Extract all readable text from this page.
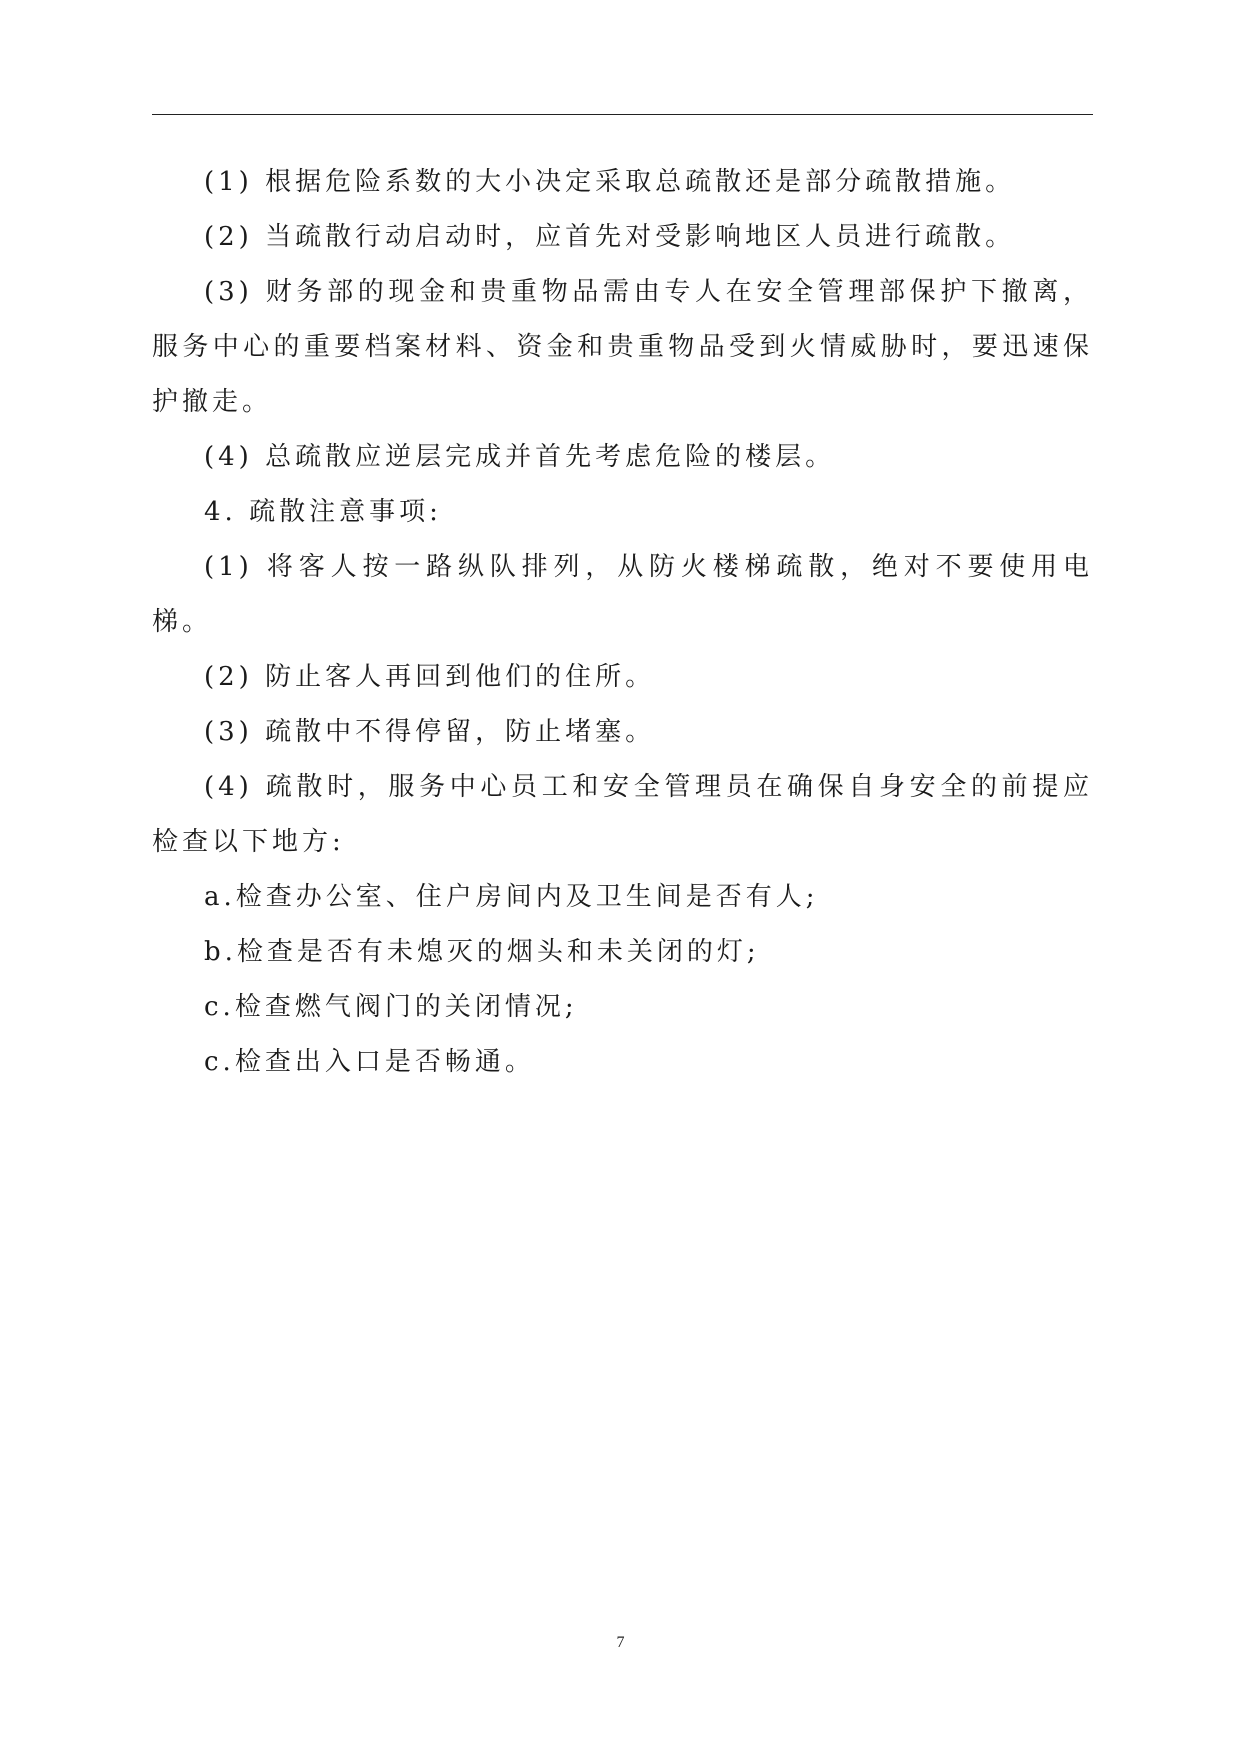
(1) 根据危险系数的大小决定采取总疏散还是部分疏散措施。

(2) 当疏散行动启动时，应首先对受影响地区人员进行疏散。

(3) 财务部的现金和贵重物品需由专人在安全管理部保护下撤离，服务中心的重要档案材料、资金和贵重物品受到火情威胁时，要迅速保护撤走。

(4) 总疏散应逆层完成并首先考虑危险的楼层。

4. 疏散注意事项:

(1) 将客人按一路纵队排列，从防火楼梯疏散，绝对不要使用电梯。

(2) 防止客人再回到他们的住所。

(3) 疏散中不得停留，防止堵塞。

(4) 疏散时，服务中心员工和安全管理员在确保自身安全的前提应检查以下地方:

a.检查办公室、住户房间内及卫生间是否有人;

b.检查是否有未熄灭的烟头和未关闭的灯;

c.检查燃气阀门的关闭情况;

c.检查出入口是否畅通。

7
